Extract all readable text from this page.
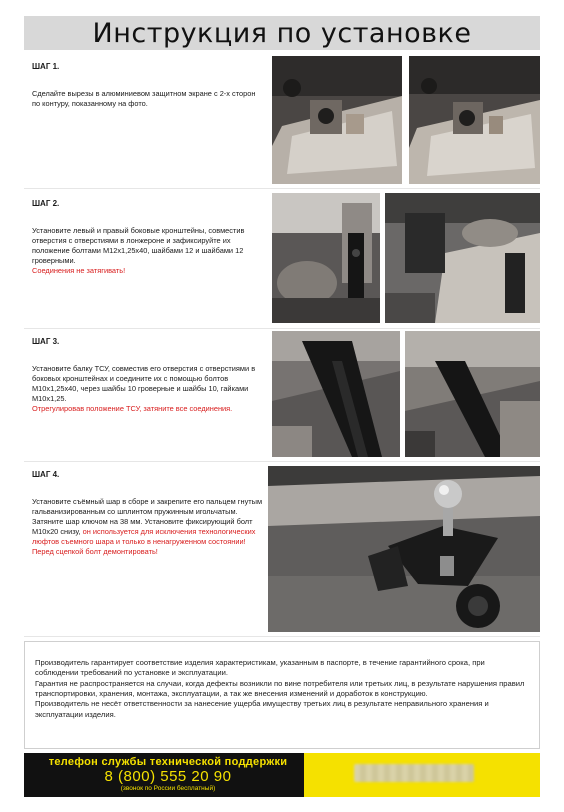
Инструкция по установке
ШАГ 1.
Сделайте вырезы в алюминиевом защитном экране с 2-х сторон по контуру, показанному на фото.
ШАГ 2.
Установите левый и правый боковые кронштейны, совместив отверстия с отверстиями в лонжероне и зафиксируйте их положение болтами М12х1,25х40, шайбами 12 и шайбами 12 гроверными.
Соединения не затягивать!
ШАГ 3.
Установите балку ТСУ, совместив его отверстия с отверстиями в боковых кронштейнах и соедините их с помощью болтов М10х1,25х40, через шайбы 10 гроверные и шайбы 10, гайками М10х1,25.
Отрегулировав положение ТСУ, затяните все соединения.
ШАГ 4.
Установите съёмный шар в сборе и закрепите его пальцем гнутым гальванизированным со шплинтом пружинным игольчатым. Затяните шар ключом на 38 мм. Установите фиксирующий болт М10х20 снизу, он используется для исключения технологических люфтов съемного шара и только в ненагруженном состоянии! Перед сцепкой болт демонтировать!

Производитель гарантирует соответствие изделия характеристикам, указанным в паспорте, в течение гарантийного срока, при соблюдении требований по установке и эксплуатации.

Гарантия не распространяется на случаи, когда дефекты возникли по вине потребителя или третьих лиц, в результате нарушения правил транспортировки, хранения, монтажа, эксплуатации, а так же внесения изменений и доработок в конструкцию.

Производитель не несёт ответственности за нанесение ущерба имуществу третьих лиц в результате неправильного хранения и эксплуатации изделия.

телефон службы технической поддержки
8 (800) 555 20 90
(звонок по России бесплатный)
